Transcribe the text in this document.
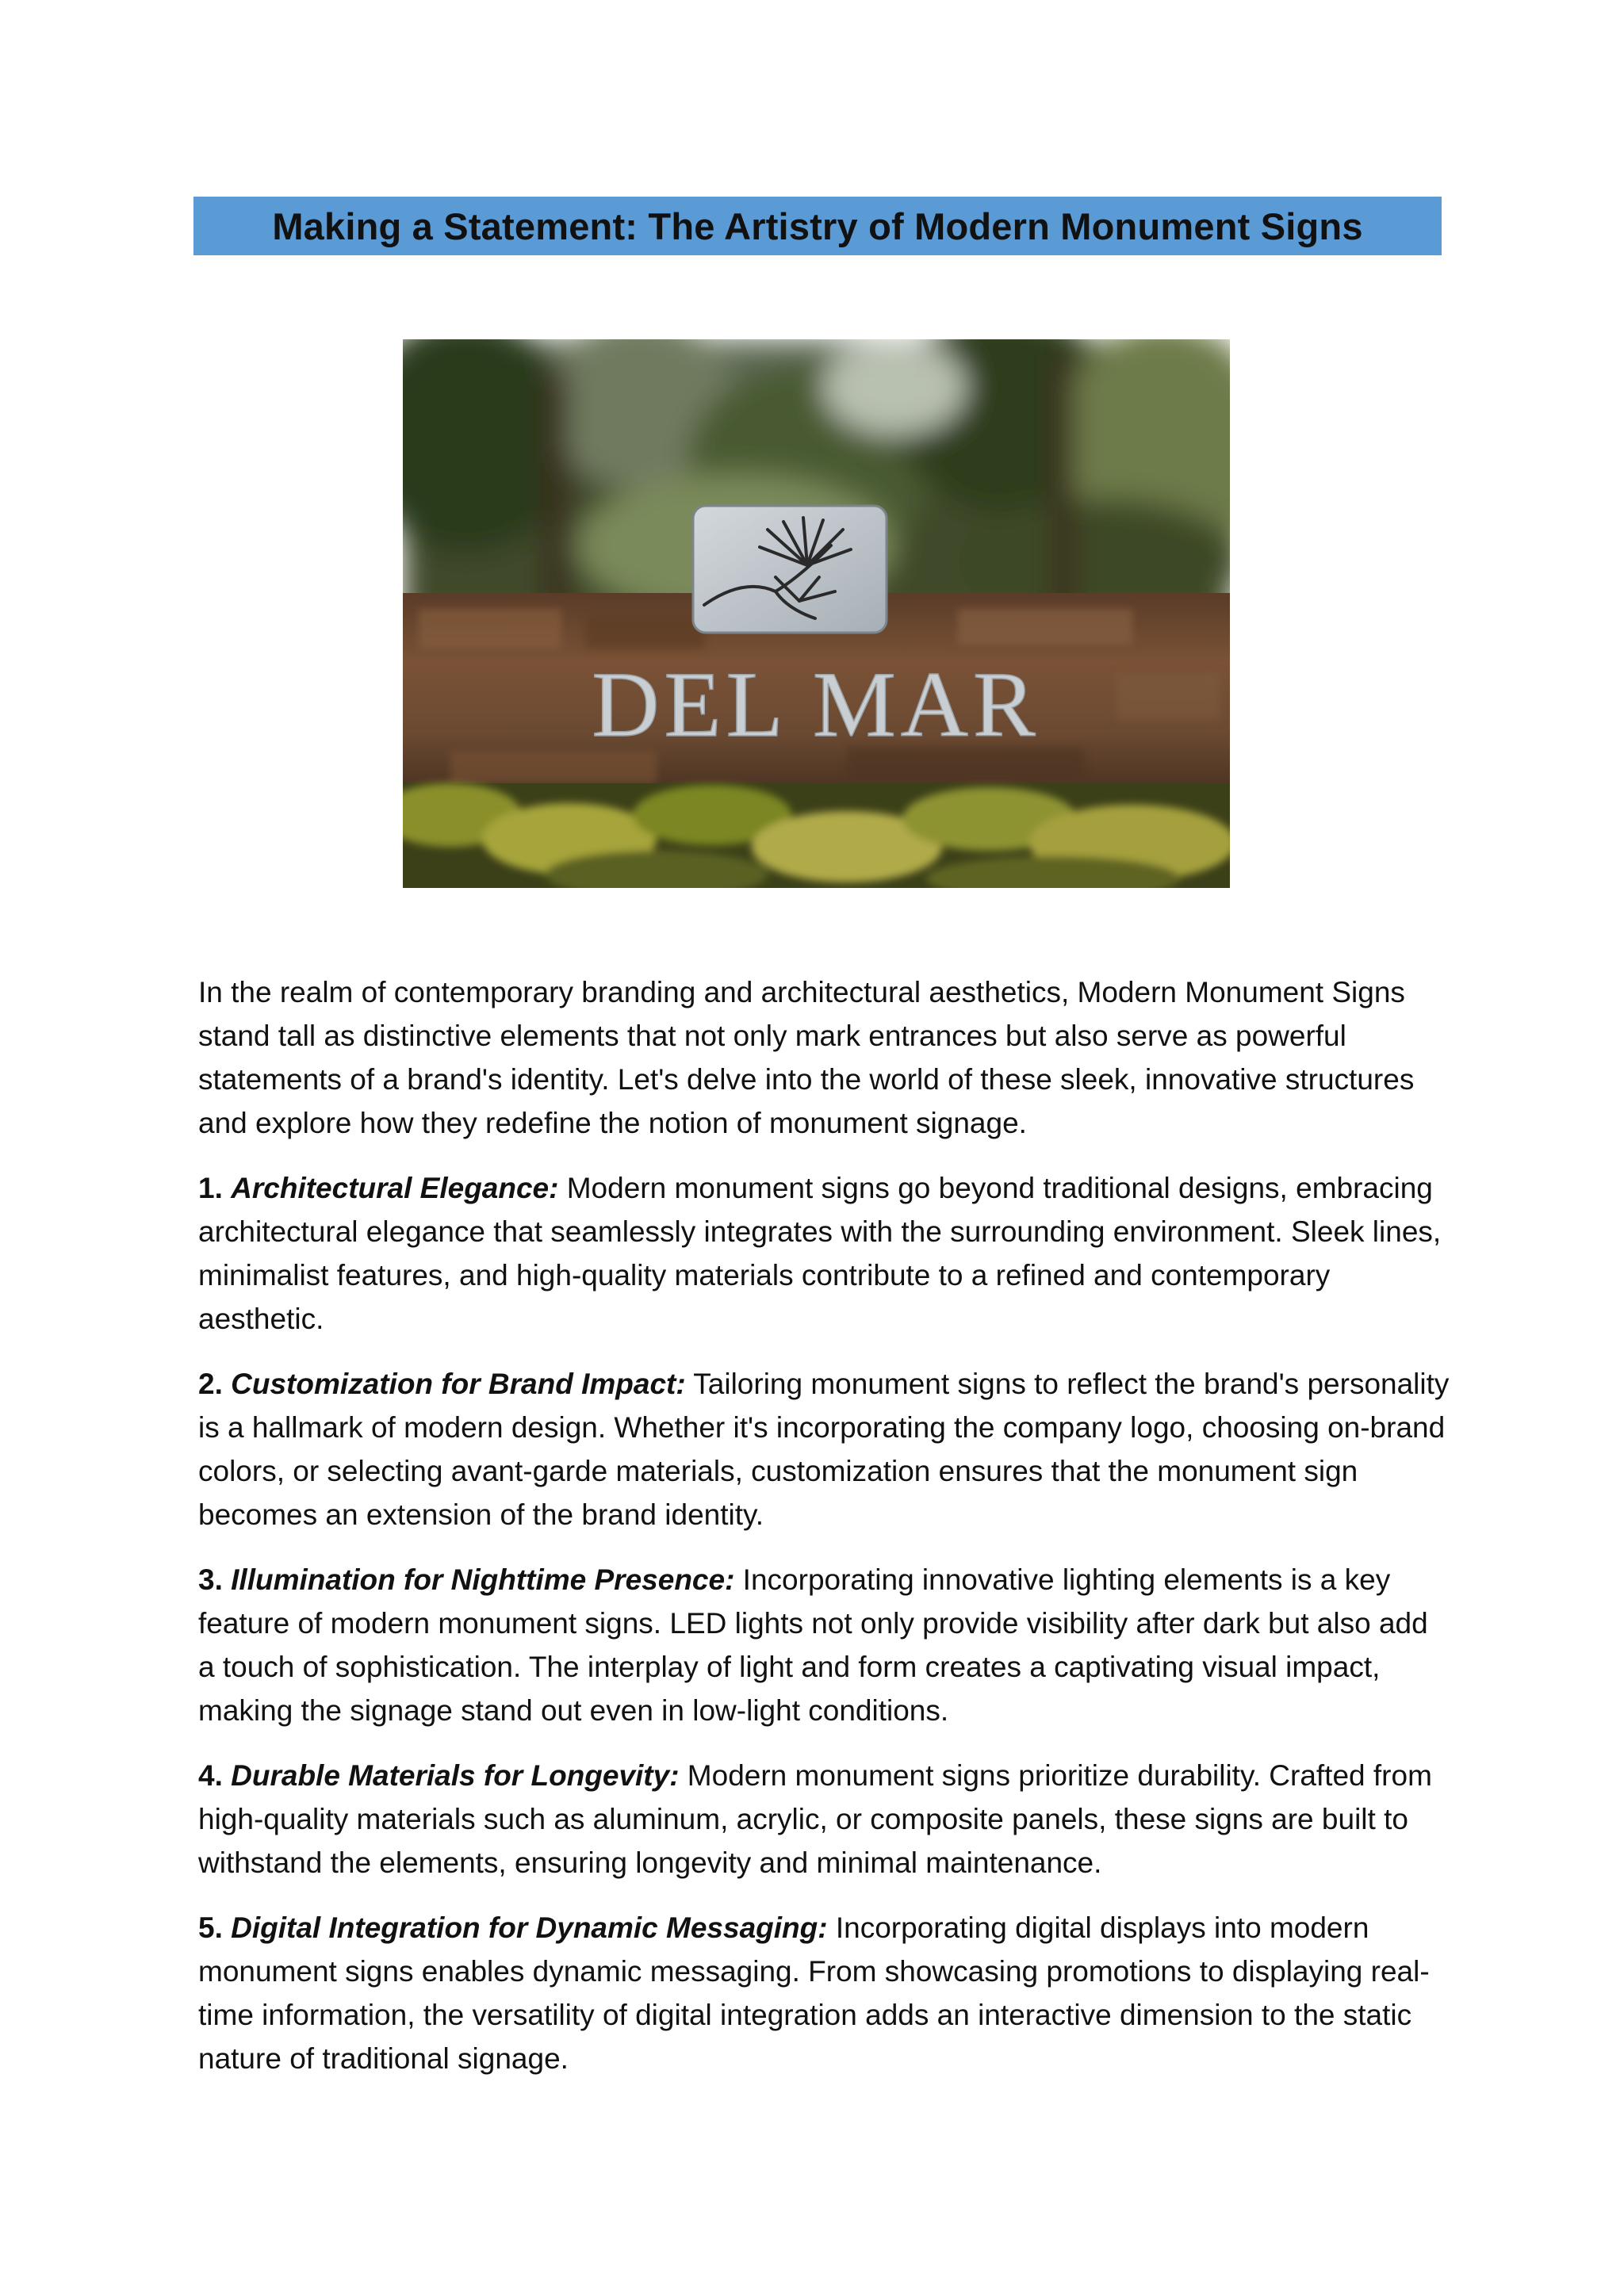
Making a Statement: The Artistry of Modern Monument Signs
DEL MAR

In the realm of contemporary branding and architectural aesthetics, Modern Monument Signs stand tall as distinctive elements that not only mark entrances but also serve as powerful statements of a brand's identity. Let's delve into the world of these sleek, innovative structures and explore how they redefine the notion of monument signage.

1. Architectural Elegance: Modern monument signs go beyond traditional designs, embracing architectural elegance that seamlessly integrates with the surrounding environment. Sleek lines, minimalist features, and high-quality materials contribute to a refined and contemporary aesthetic.

2. Customization for Brand Impact: Tailoring monument signs to reflect the brand's personality is a hallmark of modern design. Whether it's incorporating the company logo, choosing on-brand colors, or selecting avant-garde materials, customization ensures that the monument sign becomes an extension of the brand identity.

3. Illumination for Nighttime Presence: Incorporating innovative lighting elements is a key feature of modern monument signs. LED lights not only provide visibility after dark but also add a touch of sophistication. The interplay of light and form creates a captivating visual impact, making the signage stand out even in low-light conditions.

4. Durable Materials for Longevity: Modern monument signs prioritize durability. Crafted from high-quality materials such as aluminum, acrylic, or composite panels, these signs are built to withstand the elements, ensuring longevity and minimal maintenance.

5. Digital Integration for Dynamic Messaging: Incorporating digital displays into modern monument signs enables dynamic messaging. From showcasing promotions to displaying real-time information, the versatility of digital integration adds an interactive dimension to the static nature of traditional signage.
